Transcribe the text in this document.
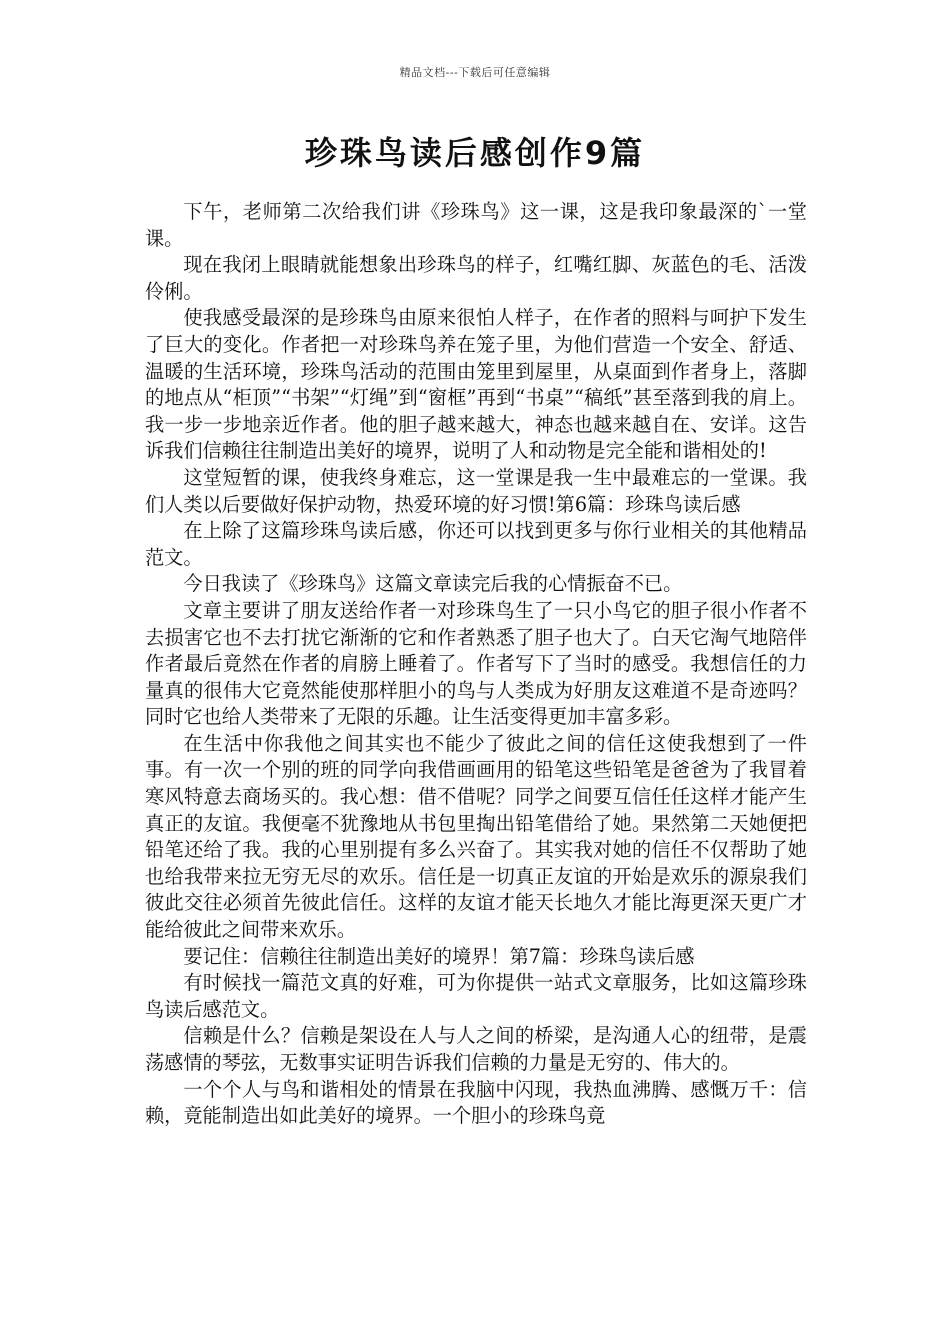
精品文档---下载后可任意编辑
珍珠鸟读后感创作9篇

下午，老师第二次给我们讲《珍珠鸟》这一课，这是我印象最深的`一堂课。

现在我闭上眼睛就能想象出珍珠鸟的样子，红嘴红脚、灰蓝色的毛、活泼伶俐。

使我感受最深的是珍珠鸟由原来很怕人样子，在作者的照料与呵护下发生了巨大的变化。作者把一对珍珠鸟养在笼子里，为他们营造一个安全、舒适、温暖的生活环境，珍珠鸟活动的范围由笼里到屋里，从桌面到作者身上，落脚的地点从“柜顶”“书架”“灯绳”到“窗框”再到“书桌”“稿纸”甚至落到我的肩上。我一步一步地亲近作者。他的胆子越来越大，神态也越来越自在、安详。这告诉我们信赖往往制造出美好的境界，说明了人和动物是完全能和谐相处的!

这堂短暂的课，使我终身难忘，这一堂课是我一生中最难忘的一堂课。我们人类以后要做好保护动物，热爱环境的好习惯!第6篇：珍珠鸟读后感

在上除了这篇珍珠鸟读后感，你还可以找到更多与你行业相关的其他精品范文。

今日我读了《珍珠鸟》这篇文章读完后我的心情振奋不已。

文章主要讲了朋友送给作者一对珍珠鸟生了一只小鸟它的胆子很小作者不去损害它也不去打扰它渐渐的它和作者熟悉了胆子也大了。白天它淘气地陪伴作者最后竟然在作者的肩膀上睡着了。作者写下了当时的感受。我想信任的力量真的很伟大它竟然能使那样胆小的鸟与人类成为好朋友这难道不是奇迹吗？同时它也给人类带来了无限的乐趣。让生活变得更加丰富多彩。

在生活中你我他之间其实也不能少了彼此之间的信任这使我想到了一件事。有一次一个别的班的同学向我借画画用的铅笔这些铅笔是爸爸为了我冒着寒风特意去商场买的。我心想：借不借呢？同学之间要互信任任这样才能产生真正的友谊。我便毫不犹豫地从书包里掏出铅笔借给了她。果然第二天她便把铅笔还给了我。我的心里别提有多么兴奋了。其实我对她的信任不仅帮助了她也给我带来拉无穷无尽的欢乐。信任是一切真正友谊的开始是欢乐的源泉我们彼此交往必须首先彼此信任。这样的友谊才能天长地久才能比海更深天更广才能给彼此之间带来欢乐。

要记住：信赖往往制造出美好的境界！第7篇：珍珠鸟读后感

有时候找一篇范文真的好难，可为你提供一站式文章服务，比如这篇珍珠鸟读后感范文。

信赖是什么？信赖是架设在人与人之间的桥梁，是沟通人心的纽带，是震荡感情的琴弦，无数事实证明告诉我们信赖的力量是无穷的、伟大的。

一个个人与鸟和谐相处的情景在我脑中闪现，我热血沸腾、感慨万千：信赖，竟能制造出如此美好的境界。一个胆小的珍珠鸟竟
